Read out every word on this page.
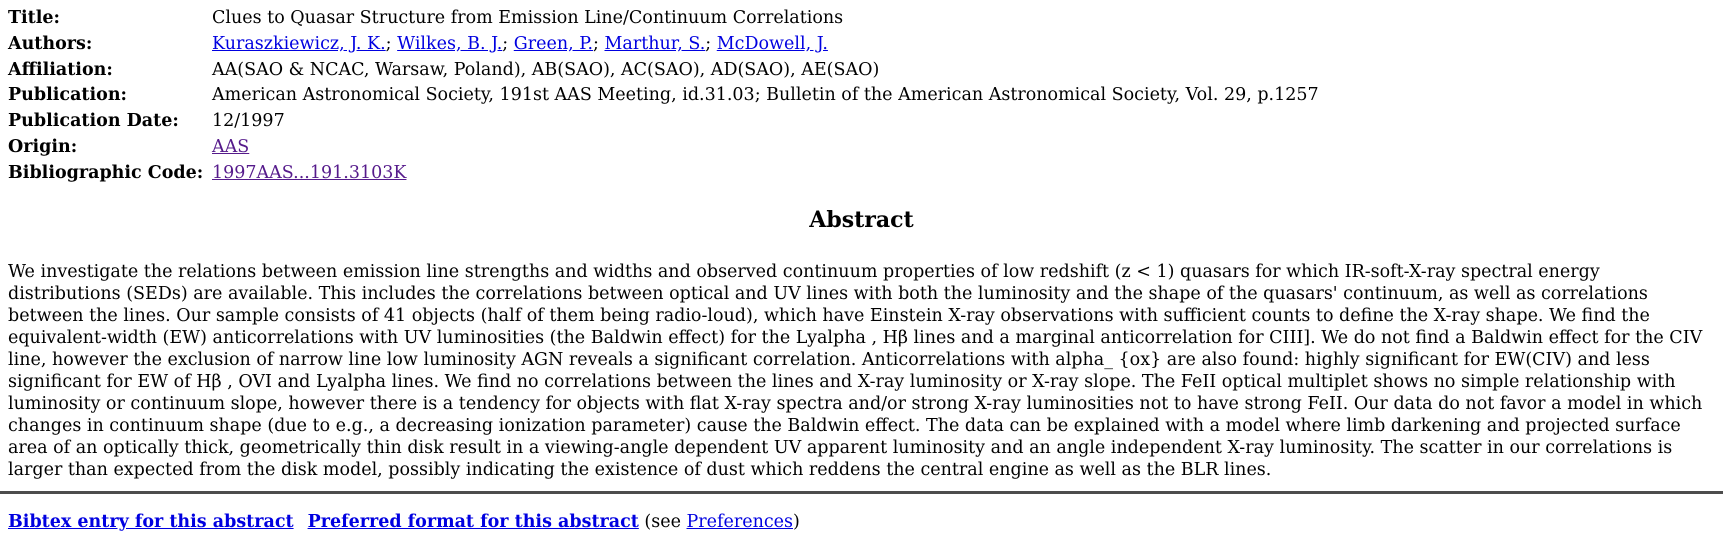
Title:	Clues to Quasar Structure from Emission Line/Continuum Correlations
Authors:	Kuraszkiewicz, J. K.; Wilkes, B. J.; Green, P.; Marthur, S.; McDowell, J.
Affiliation:	AA(SAO & NCAC, Warsaw, Poland), AB(SAO), AC(SAO), AD(SAO), AE(SAO)
Publication:	American Astronomical Society, 191st AAS Meeting, id.31.03; Bulletin of the American Astronomical Society, Vol. 29, p.1257
Publication Date:	12/1997
Origin:	AAS
Bibliographic Code: 1997AAS...191.3103K
Abstract
We investigate the relations between emission line strengths and widths and observed continuum properties of low redshift (z < 1) quasars for which IR-soft-X-ray spectral energy distributions (SEDs) are available. This includes the correlations between optical and UV lines with both the luminosity and the shape of the quasars' continuum, as well as correlations between the lines. Our sample consists of 41 objects (half of them being radio-loud), which have Einstein X-ray observations with sufficient counts to define the X-ray shape. We find the equivalent-width (EW) anticorrelations with UV luminosities (the Baldwin effect) for the Lyalpha , Hβ lines and a marginal anticorrelation for CIII]. We do not find a Baldwin effect for the CIV line, however the exclusion of narrow line low luminosity AGN reveals a significant correlation. Anticorrelations with alpha_ {ox} are also found: highly significant for EW(CIV) and less significant for EW of Hβ , OVI and Lyalpha lines. We find no correlations between the lines and X-ray luminosity or X-ray slope. The FeII optical multiplet shows no simple relationship with luminosity or continuum slope, however there is a tendency for objects with flat X-ray spectra and/or strong X-ray luminosities not to have strong FeII. Our data do not favor a model in which changes in continuum shape (due to e.g., a decreasing ionization parameter) cause the Baldwin effect. The data can be explained with a model where limb darkening and projected surface area of an optically thick, geometrically thin disk result in a viewing-angle dependent UV apparent luminosity and an angle independent X-ray luminosity. The scatter in our correlations is larger than expected from the disk model, possibly indicating the existence of dust which reddens the central engine as well as the BLR lines.
Bibtex entry for this abstract Preferred format for this abstract (see Preferences)
